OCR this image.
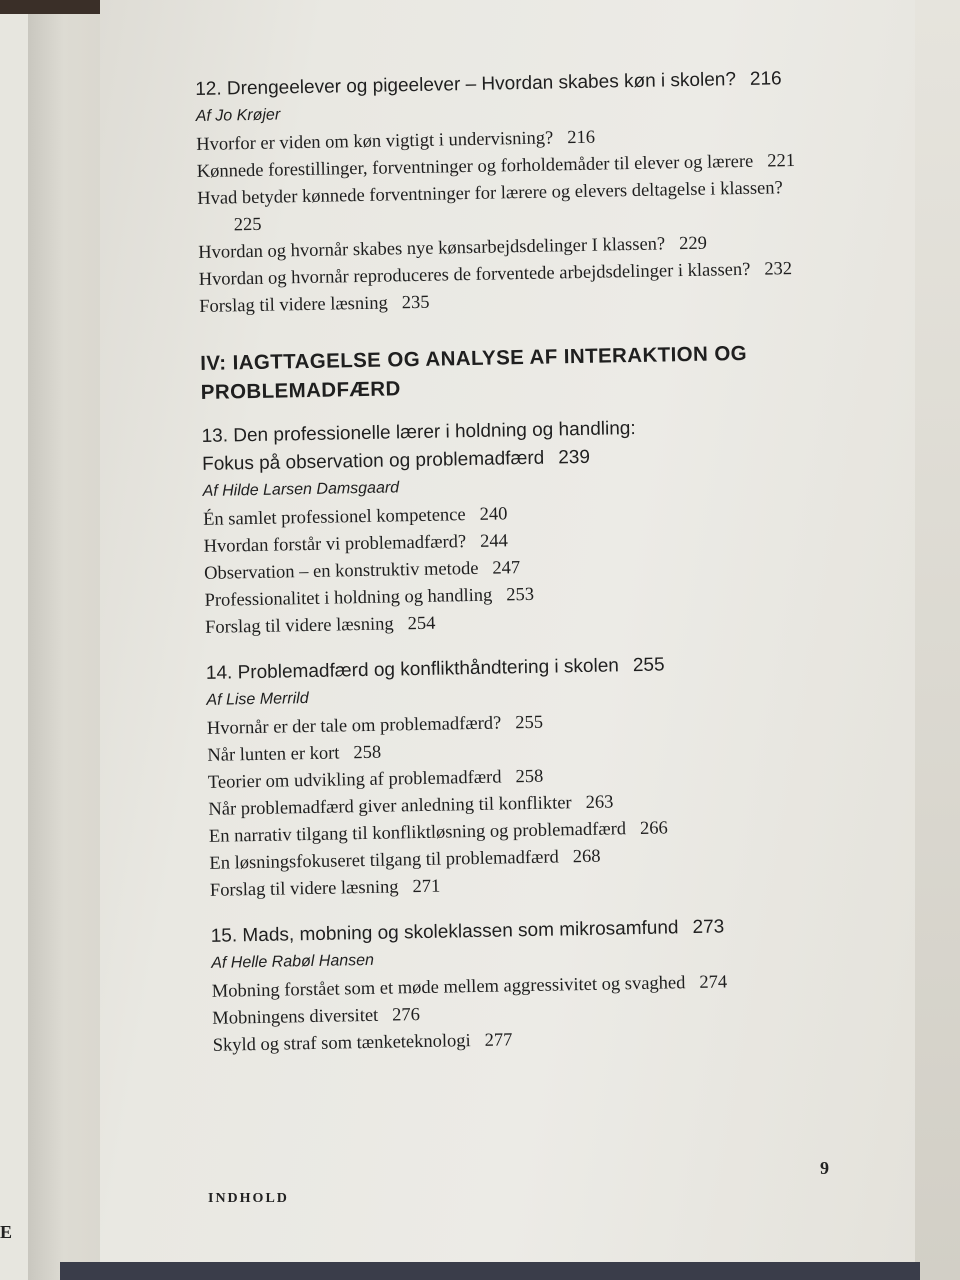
E
12. Drengeelever og pigeelever – Hvordan skabes køn i skolen? 216
Af Jo Krøjer
Hvorfor er viden om køn vigtigt i undervisning? 216
Kønnede forestillinger, forventninger og forholdemåder til elever og lærere 221
Hvad betyder kønnede forventninger for lærere og elevers deltagelse i klassen?225
Hvordan og hvornår skabes nye kønsarbejdsdelinger I klassen? 229
Hvordan og hvornår reproduceres de forventede arbejdsdelinger i klassen? 232
Forslag til videre læsning 235
IV: IAGTTAGELSE OG ANALYSE AF INTERAKTION OG PROBLEMADFÆRD
13. Den professionelle lærer i holdning og handling:
Fokus på observation og problemadfærd 239
Af Hilde Larsen Damsgaard
Én samlet professionel kompetence 240
Hvordan forstår vi problemadfærd? 244
Observation – en konstruktiv metode 247
Professionalitet i holdning og handling 253
Forslag til videre læsning 254
14. Problemadfærd og konflikthåndtering i skolen 255
Af Lise Merrild
Hvornår er der tale om problemadfærd? 255
Når lunten er kort 258
Teorier om udvikling af problemadfærd 258
Når problemadfærd giver anledning til konflikter 263
En narrativ tilgang til konfliktløsning og problemadfærd 266
En løsningsfokuseret tilgang til problemadfærd 268
Forslag til videre læsning 271
15. Mads, mobning og skoleklassen som mikrosamfund 273
Af Helle Rabøl Hansen
Mobning forstået som et møde mellem aggressivitet og svaghed 274
Mobningens diversitet 276
Skyld og straf som tænketeknologi 277
9
INDHOLD
